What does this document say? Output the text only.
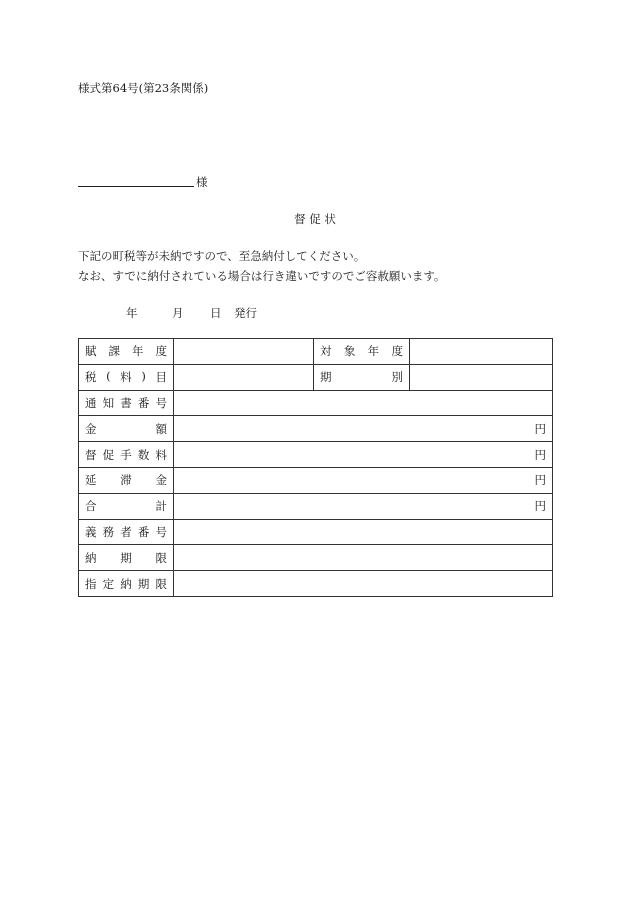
様式第64号(第23条関係)
様
督 促 状
下記の町税等が未納ですので、至急納付してください。
なお、すでに納付されている場合は行き違いですのでご容赦願います。
年	月 日 発行
賦 課 年 度		対 象 年 度	

税 ( 料 ) 目		期 別	

通 知 書 番 号			

金 額	円		

督 促 手 数 料	円		

延 滞 金	円		

合 計	円		

義 務 者 番 号			

納 期 限			

指 定 納 期 限			
